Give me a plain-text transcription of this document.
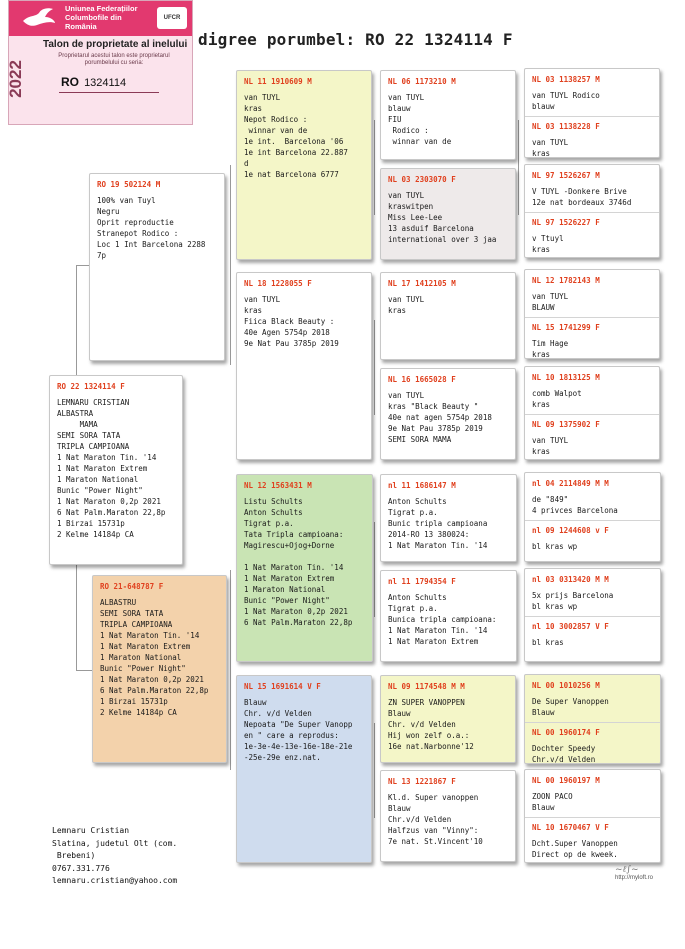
digree porumbel: RO 22 1324114 F
Uniunea Federațiilor
Columbofile din România
UFCR
2022
Talon de proprietate al inelului
Proprietarul acestui talon este proprietarul porumbelului cu seria:
RO 1324114
RO 22 1324114 F
LEMNARU CRISTIAN
ALBASTRA
MAMA
SEMI SORA TATA
TRIPLA CAMPIOANA
1 Nat Maraton Tin. '14
1 Nat Maraton Extrem
1 Maraton National
Bunic "Power Night"
1 Nat Maraton 0,2p 2021
6 Nat Palm.Maraton 22,8p
1 Birzai 15731p
2 Kelme 14184p CA
RO 19 502124 M
100% van Tuyl
Negru
Oprit reproductie
Stranepot Rodico :
Loc 1 Int Barcelona 2288
7p
RO 21-648787 F
ALBASTRU
SEMI SORA TATA
TRIPLA CAMPIOANA
1 Nat Maraton Tin. '14
1 Nat Maraton Extrem
1 Maraton National
Bunic "Power Night"
1 Nat Maraton 0,2p 2021
6 Nat Palm.Maraton 22,8p
1 Birzai 15731p
2 Kelme 14184p CA
NL 11 1910609 M
van TUYL
kras
Nepot Rodico :
winnar van de
1e int.  Barcelona '06
1e int Barcelona 22.887
d
1e nat Barcelona 6777
NL 18 1228055 F
van TUYL
kras
Fiica Black Beauty :
40e Agen 5754p 2018
9e Nat Pau 3785p 2019
NL 12 1563431 M
Listu Schults
Anton Schults
Tigrat p.a.
Tata Tripla campioana:
Magirescu+Ojog+Dorne

1 Nat Maraton Tin. '14
1 Nat Maraton Extrem
1 Maraton National
Bunic "Power Night"
1 Nat Maraton 0,2p 2021
6 Nat Palm.Maraton 22,8p
NL 15 1691614 V F
Blauw
Chr. v/d Velden
Nepoata "De Super Vanopp
en " care a reprodus:
1e-3e-4e-13e-16e-18e-21e
-25e-29e enz.nat.
NL 06 1173210 M
van TUYL
blauw
FIU
Rodico :
winnar van de
NL 03 2303070 F
van TUYL
kraswitpen
Miss Lee-Lee
13 asduif Barcelona
international over 3 jaa
NL 17 1412105 M
van TUYL
kras
NL 16 1665028 F
van TUYL
kras "Black Beauty "
40e nat agen 5754p 2018
9e Nat Pau 3785p 2019
SEMI SORA MAMA
nl 11 1686147 M
Anton Schults
Tigrat p.a.
Bunic tripla campioana
2014-RO 13 380024:
1 Nat Maraton Tin. '14
nl 11 1794354 F
Anton Schults
Tigrat p.a.
Bunica tripla campioana:
1 Nat Maraton Tin. '14
1 Nat Maraton Extrem
NL 09 1174548 M M
ZN SUPER VANOPPEN
Blauw
Chr. v/d Velden
Hij won zelf o.a.:
16e nat.Narbonne'12
NL 13 1221867 F
Kl.d. Super vanoppen
Blauw
Chr.v/d Velden
Halfzus van "Vinny":
7e nat. St.Vincent'10
NL 03 1138257 M
van TUYL Rodico
blauw
NL 03 1138228 F
van TUYL
kras
NL 97 1526267 M
V TUYL -Donkere Brive
12e nat bordeaux 3746d
NL 97 1526227 F
v Ttuyl
kras
NL 12 1782143 M
van TUYL
BLAUW
NL 15 1741299 F
Tim Hage
kras
NL 10 1813125 M
comb Walpot
kras
NL 09 1375902 F
van TUYL
kras
nl 04 2114849 M M
de "849"
4 privces Barcelona
nl 09 1244608 v F
bl kras wp
nl 03 0313420 M M
5x prijs Barcelona
bl kras wp
nl 10 3002857 V F
bl kras
NL 00 1010256 M
De Super Vanoppen
Blauw
NL 00 1960174 F
Dochter Speedy
Chr.v/d Velden
NL 00 1960197 M
ZOON PACO
Blauw
NL 10 1670467 V F
Dcht.Super Vanoppen
Direct op de kweek.
Lemnaru Cristian
Slatina, judetul Olt (com.
Brebeni)
0767.331.776
lemnaru.cristian@yahoo.com
~ℓ∫~
http://myloft.ro
